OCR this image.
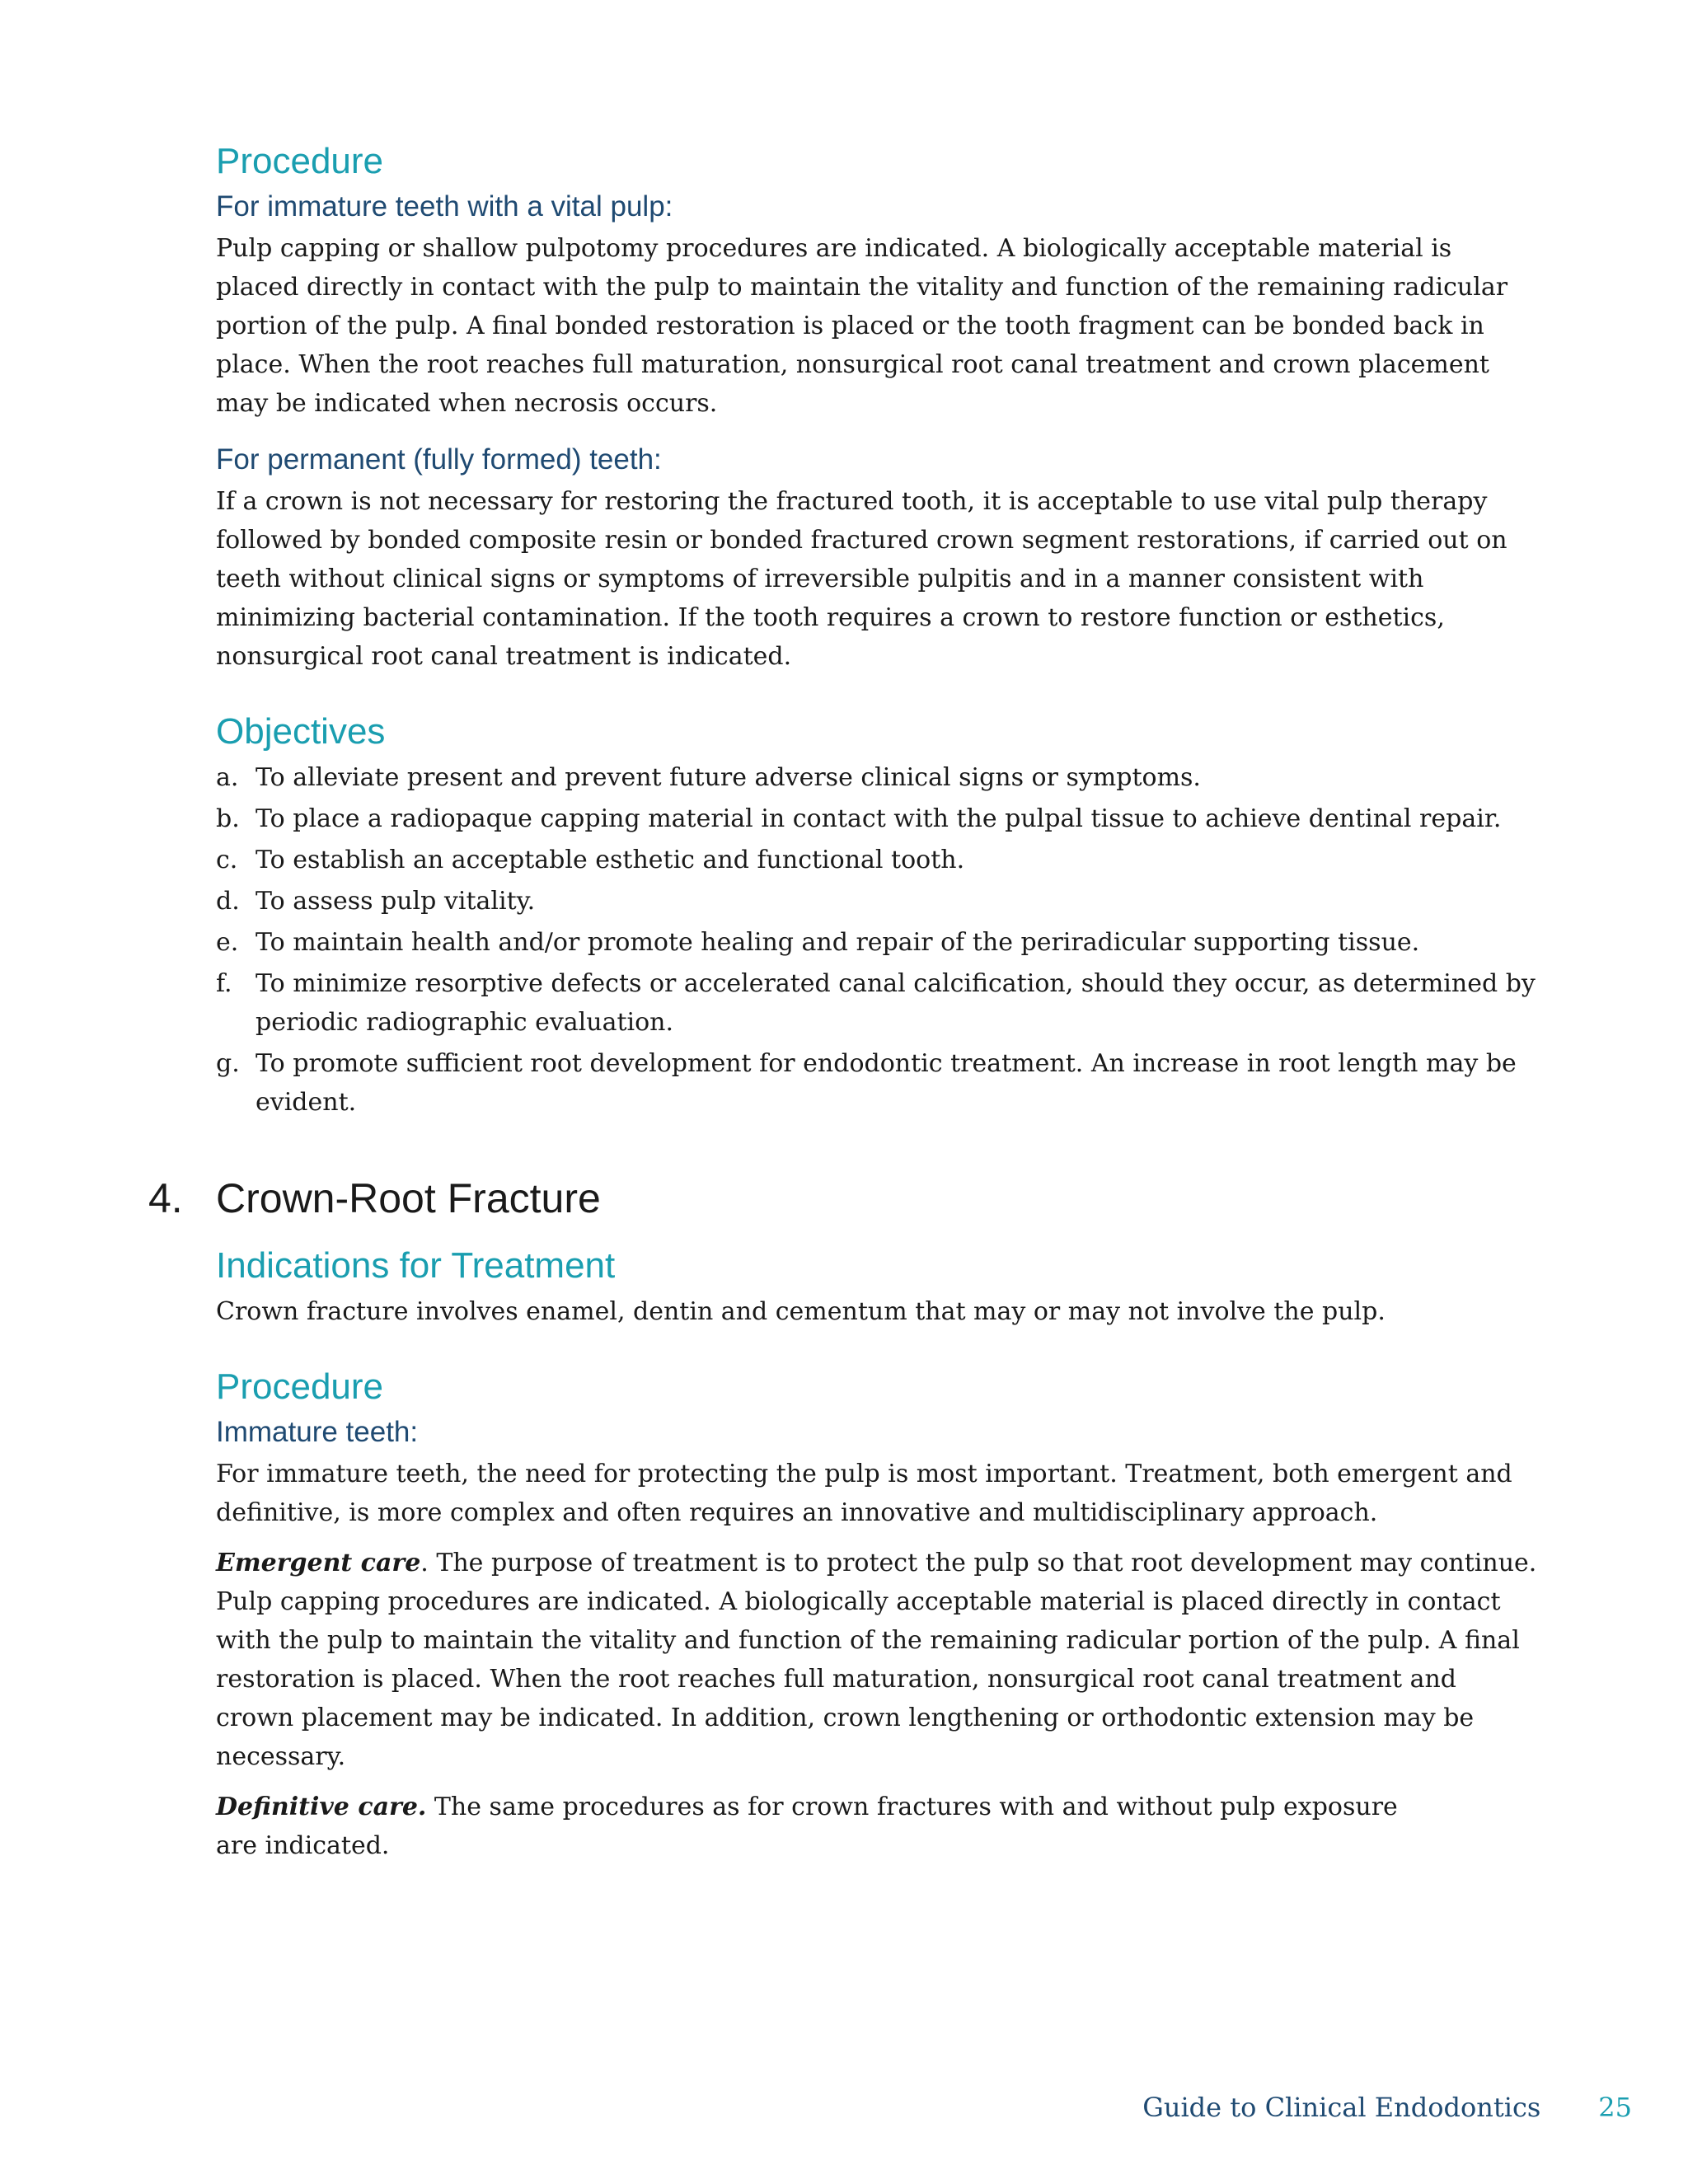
Procedure
For immature teeth with a vital pulp:

Pulp capping or shallow pulpotomy procedures are indicated. A biologically acceptable material is placed directly in contact with the pulp to maintain the vitality and function of the remaining radicular portion of the pulp. A final bonded restoration is placed or the tooth fragment can be bonded back in place. When the root reaches full maturation, nonsurgical root canal treatment and crown placement may be indicated when necrosis occurs.

For permanent (fully formed) teeth:

If a crown is not necessary for restoring the fractured tooth, it is acceptable to use vital pulp therapy followed by bonded composite resin or bonded fractured crown segment restorations, if carried out on teeth without clinical signs or symptoms of irreversible pulpitis and in a manner consistent with minimizing bacterial contamination. If the tooth requires a crown to restore function or esthetics, nonsurgical root canal treatment is indicated.

Objectives
a. To alleviate present and prevent future adverse clinical signs or symptoms.
b. To place a radiopaque capping material in contact with the pulpal tissue to achieve dentinal repair.
c. To establish an acceptable esthetic and functional tooth.
d. To assess pulp vitality.
e. To maintain health and/or promote healing and repair of the periradicular supporting tissue.
f. To minimize resorptive defects or accelerated canal calcification, should they occur, as determined by periodic radiographic evaluation.
g. To promote sufficient root development for endodontic treatment. An increase in root length may be evident.
4. Crown-Root Fracture
Indications for Treatment

Crown fracture involves enamel, dentin and cementum that may or may not involve the pulp.

Procedure
Immature teeth:

For immature teeth, the need for protecting the pulp is most important. Treatment, both emergent and definitive, is more complex and often requires an innovative and multidisciplinary approach.

Emergent care. The purpose of treatment is to protect the pulp so that root development may continue. Pulp capping procedures are indicated. A biologically acceptable material is placed directly in contact with the pulp to maintain the vitality and function of the remaining radicular portion of the pulp. A final restoration is placed. When the root reaches full maturation, nonsurgical root canal treatment and crown placement may be indicated. In addition, crown lengthening or orthodontic extension may be necessary.

Definitive care. The same procedures as for crown fractures with and without pulp exposure are indicated.

Guide to Clinical Endodontics 25
